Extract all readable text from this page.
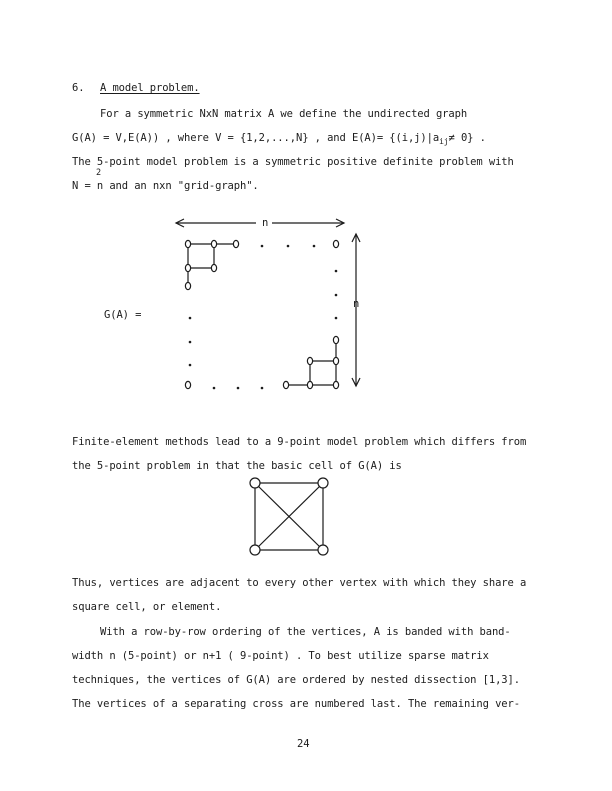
6. A model problem.
For a symmetric NxN matrix A we define the undirected graph
G(A) = V,E(A)) , where V = {1,2,...,N} , and $E(A)= \{(i,j)|a_{ij}\ne 0\}$ .
The 5-point model problem is a symmetric positive definite problem with
2
N = n and an nxn "grid-graph".
G(A) =
n
n
Finite-element methods lead to a 9-point model problem which differs from
the 5-point problem in that the basic cell of G(A) is
Thus, vertices are adjacent to every other vertex with which they share a
square cell, or element.
With a row-by-row ordering of the vertices, A is banded with band-
width n (5-point) or n+1 ( 9-point) . To best utilize sparse matrix
techniques, the vertices of G(A) are ordered by nested dissection [1,3].
The vertices of a separating cross are numbered last. The remaining ver-
24
